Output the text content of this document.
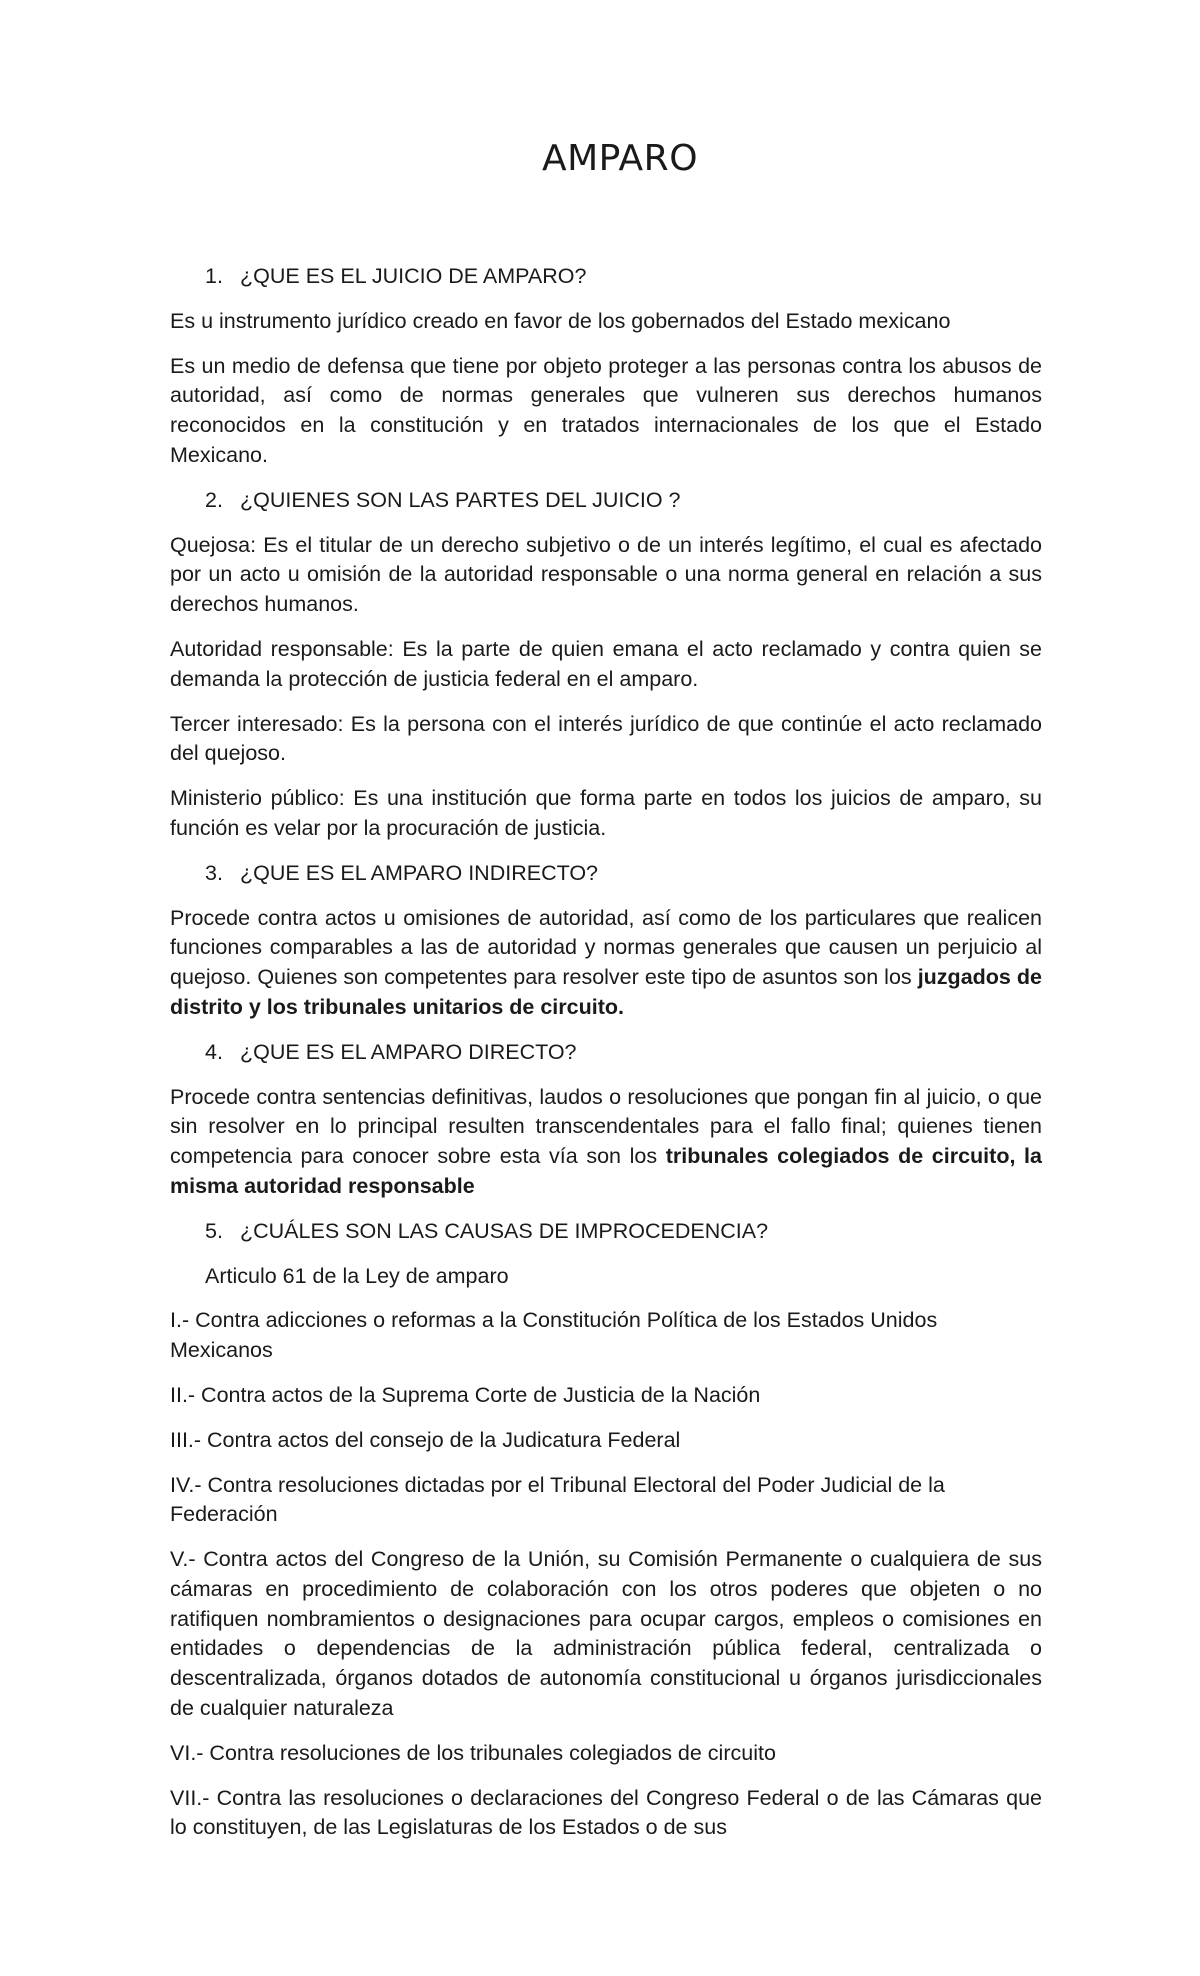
AMPARO
1. ¿QUE ES EL JUICIO DE AMPARO?

Es u instrumento jurídico creado en favor de los gobernados del Estado mexicano

Es un medio de defensa que tiene por objeto proteger a las personas contra los abusos de autoridad, así como de normas generales que vulneren sus derechos humanos reconocidos en la constitución y en tratados internacionales de los que el Estado Mexicano.

2. ¿QUIENES SON LAS PARTES DEL JUICIO ?

Quejosa: Es el titular de un derecho subjetivo o de un interés legítimo, el cual es afectado por un acto u omisión de la autoridad responsable o una norma general en relación a sus derechos humanos.

Autoridad responsable: Es la parte de quien emana el acto reclamado y contra quien se demanda la protección de justicia federal en el amparo.

Tercer interesado: Es la persona con el interés jurídico de que continúe el acto reclamado del quejoso.

Ministerio público: Es una institución que forma parte en todos los juicios de amparo, su función es velar por la procuración de justicia.

3. ¿QUE ES EL AMPARO INDIRECTO?

Procede contra actos u omisiones de autoridad, así como de los particulares que realicen funciones comparables a las de autoridad y normas generales que causen un perjuicio al quejoso. Quienes son competentes para resolver este tipo de asuntos son los juzgados de distrito y los tribunales unitarios de circuito.

4. ¿QUE ES EL AMPARO DIRECTO?

Procede contra sentencias definitivas, laudos o resoluciones que pongan fin al juicio, o que sin resolver en lo principal resulten transcendentales para el fallo final; quienes tienen competencia para conocer sobre esta vía son los tribunales colegiados de circuito, la misma autoridad responsable

5. ¿CUÁLES SON LAS CAUSAS DE IMPROCEDENCIA?

Articulo 61 de la Ley de amparo

I.- Contra adicciones o reformas a la Constitución Política de los Estados Unidos Mexicanos

II.- Contra actos de la Suprema Corte de Justicia de la Nación

III.- Contra actos del consejo de la Judicatura Federal

IV.- Contra resoluciones dictadas por el Tribunal Electoral del Poder Judicial de la Federación

V.- Contra actos del Congreso de la Unión, su Comisión Permanente o cualquiera de sus cámaras en procedimiento de colaboración con los otros poderes que objeten o no ratifiquen nombramientos o designaciones para ocupar cargos, empleos o comisiones en entidades o dependencias de la administración pública federal, centralizada o descentralizada, órganos dotados de autonomía constitucional u órganos jurisdiccionales de cualquier naturaleza

VI.- Contra resoluciones de los tribunales colegiados de circuito

VII.- Contra las resoluciones o declaraciones del Congreso Federal o de las Cámaras que lo constituyen, de las Legislaturas de los Estados o de sus
